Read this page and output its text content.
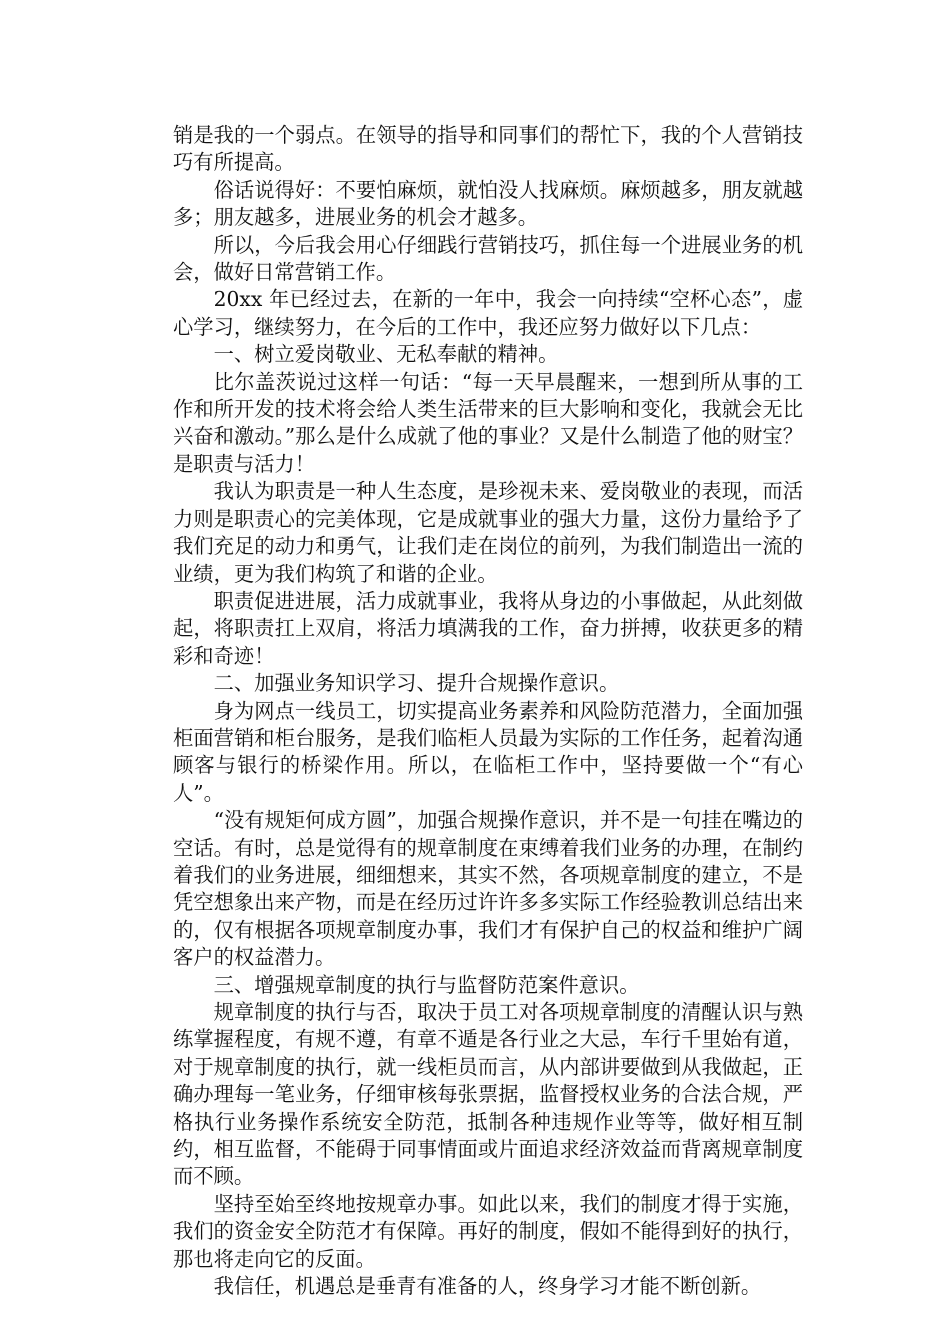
销是我的一个弱点。在领导的指导和同事们的帮忙下，我的个人营销技巧有所提高。

俗话说得好：不要怕麻烦，就怕没人找麻烦。麻烦越多，朋友就越多；朋友越多，进展业务的机会才越多。

所以，今后我会用心仔细践行营销技巧，抓住每一个进展业务的机会，做好日常营销工作。

20xx 年已经过去，在新的一年中，我会一向持续“空杯心态”，虚心学习，继续努力，在今后的工作中，我还应努力做好以下几点：

一、树立爱岗敬业、无私奉献的精神。

比尔盖茨说过这样一句话：“每一天早晨醒来，一想到所从事的工作和所开发的技术将会给人类生活带来的巨大影响和变化，我就会无比兴奋和激动。”那么是什么成就了他的事业？又是什么制造了他的财宝？是职责与活力！

我认为职责是一种人生态度，是珍视未来、爱岗敬业的表现，而活力则是职责心的完美体现，它是成就事业的强大力量，这份力量给予了我们充足的动力和勇气，让我们走在岗位的前列，为我们制造出一流的业绩，更为我们构筑了和谐的企业。

职责促进进展，活力成就事业，我将从身边的小事做起，从此刻做起，将职责扛上双肩，将活力填满我的工作，奋力拼搏，收获更多的精彩和奇迹！

二、加强业务知识学习、提升合规操作意识。

身为网点一线员工，切实提高业务素养和风险防范潜力，全面加强柜面营销和柜台服务，是我们临柜人员最为实际的工作任务，起着沟通顾客与银行的桥梁作用。所以，在临柜工作中，坚持要做一个“有心人”。

“没有规矩何成方圆”，加强合规操作意识，并不是一句挂在嘴边的空话。有时，总是觉得有的规章制度在束缚着我们业务的办理，在制约着我们的业务进展，细细想来，其实不然，各项规章制度的建立，不是凭空想象出来产物，而是在经历过许许多多实际工作经验教训总结出来的，仅有根据各项规章制度办事，我们才有保护自己的权益和维护广阔客户的权益潜力。

三、增强规章制度的执行与监督防范案件意识。

规章制度的执行与否，取决于员工对各项规章制度的清醒认识与熟练掌握程度，有规不遵，有章不遁是各行业之大忌，车行千里始有道，对于规章制度的执行，就一线柜员而言，从内部讲要做到从我做起，正确办理每一笔业务，仔细审核每张票据，监督授权业务的合法合规，严格执行业务操作系统安全防范，抵制各种违规作业等等，做好相互制约，相互监督，不能碍于同事情面或片面追求经济效益而背离规章制度而不顾。

坚持至始至终地按规章办事。如此以来，我们的制度才得于实施，我们的资金安全防范才有保障。再好的制度，假如不能得到好的执行，那也将走向它的反面。

我信任，机遇总是垂青有准备的人，终身学习才能不断创新。
